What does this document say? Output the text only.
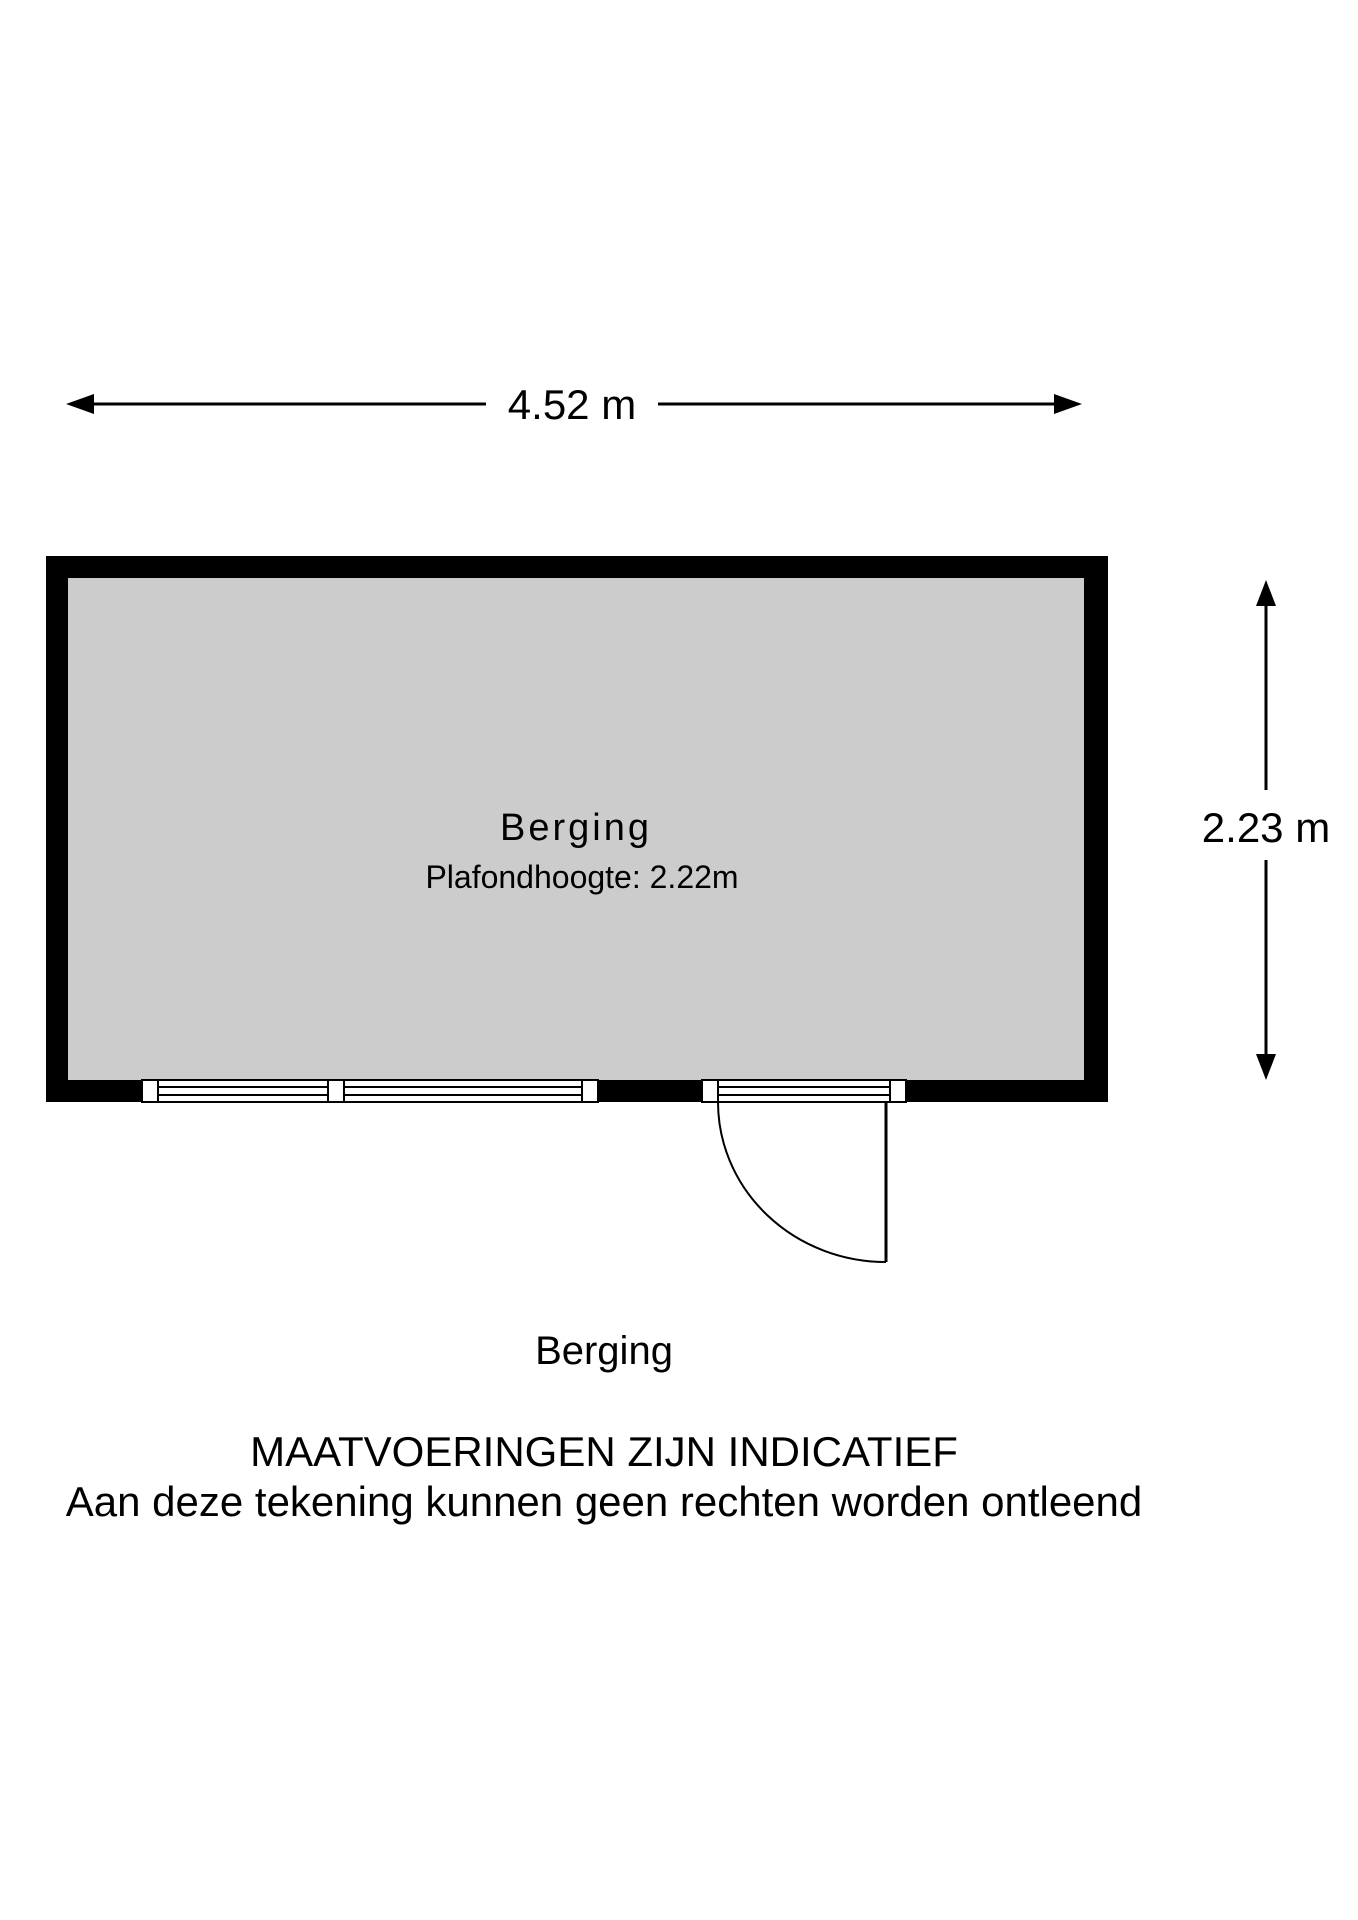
4.52 m
2.23 m
Berging
Plafondhoogte: 2.22m
Berging
MAATVOERINGEN ZIJN INDICATIEF
Aan deze tekening kunnen geen rechten worden ontleend
